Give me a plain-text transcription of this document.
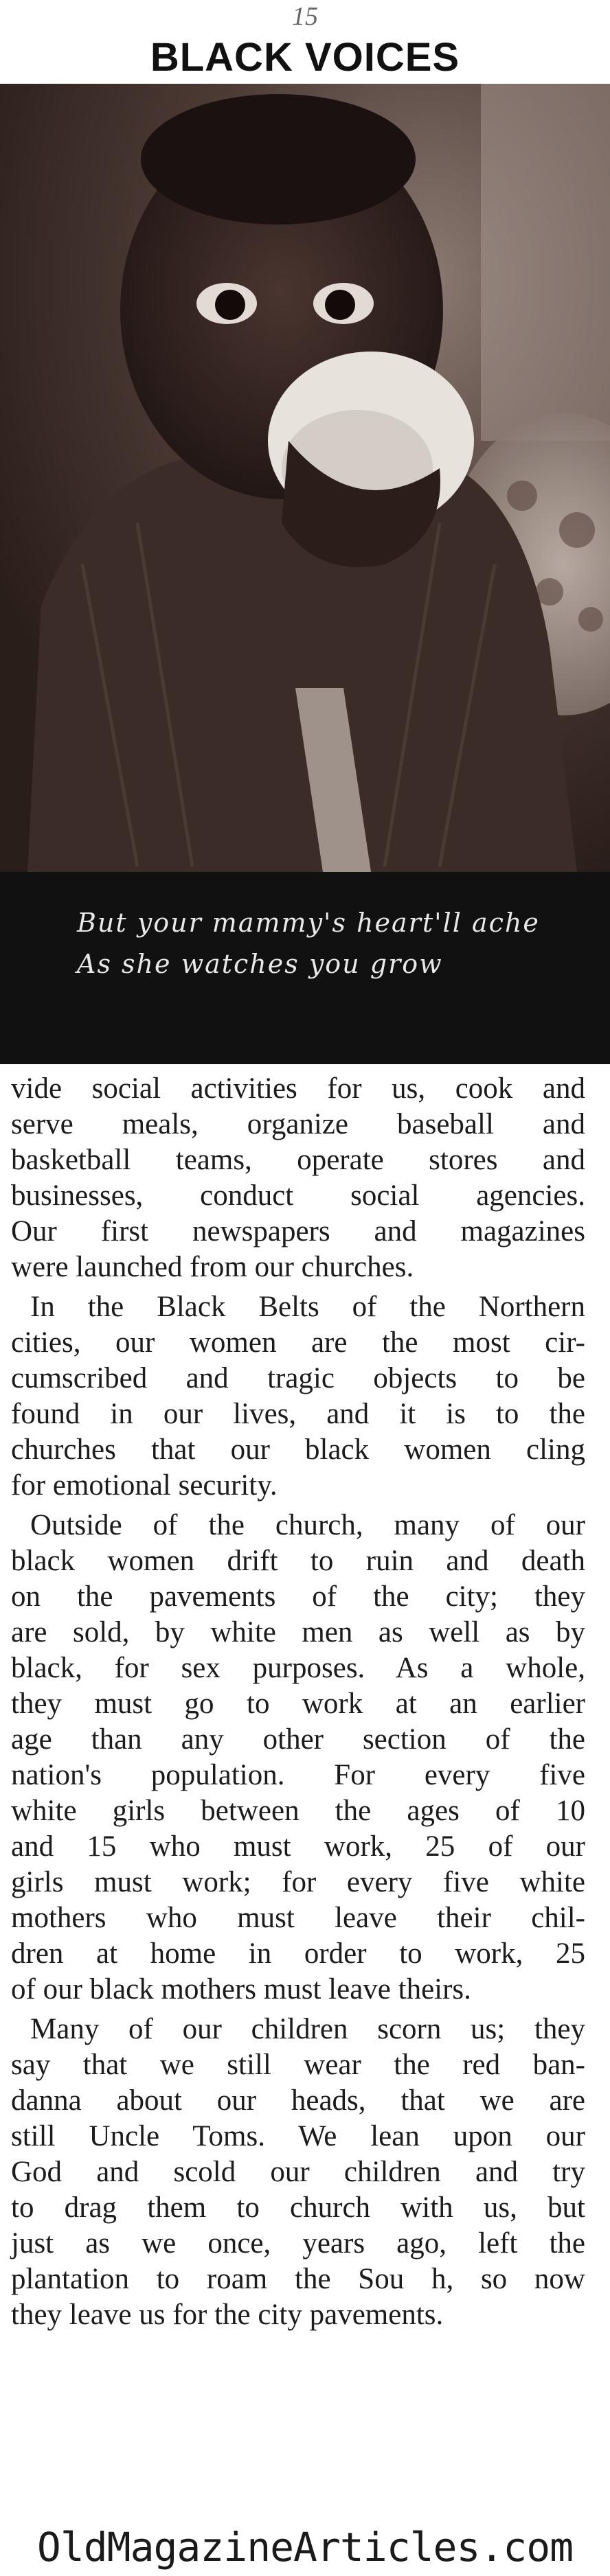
15
BLACK VOICES
But your mammy's heart'll ache
As she watches you grow

vide social activities for us, cook and
serve meals, organize baseball and
basketball teams, operate stores and
businesses, conduct social agencies.
Our first newspapers and magazines
were launched from our churches.

In the Black Belts of the Northern
cities, our women are the most cir-
cumscribed and tragic objects to be
found in our lives, and it is to the
churches that our black women cling
for emotional security.

Outside of the church, many of our
black women drift to ruin and death
on the pavements of the city; they
are sold, by white men as well as by
black, for sex purposes. As a whole,
they must go to work at an earlier
age than any other section of the
nation's population. For every five
white girls between the ages of 10
and 15 who must work, 25 of our
girls must work; for every five white
mothers who must leave their chil-
dren at home in order to work, 25
of our black mothers must leave theirs.

Many of our children scorn us; they
say that we still wear the red ban-
danna about our heads, that we are
still Uncle Toms. We lean upon our
God and scold our children and try
to drag them to church with us, but
just as we once, years ago, left the
plantation to roam the Sou h, so now
they leave us for the city pavements.

OldMagazineArticles.com
